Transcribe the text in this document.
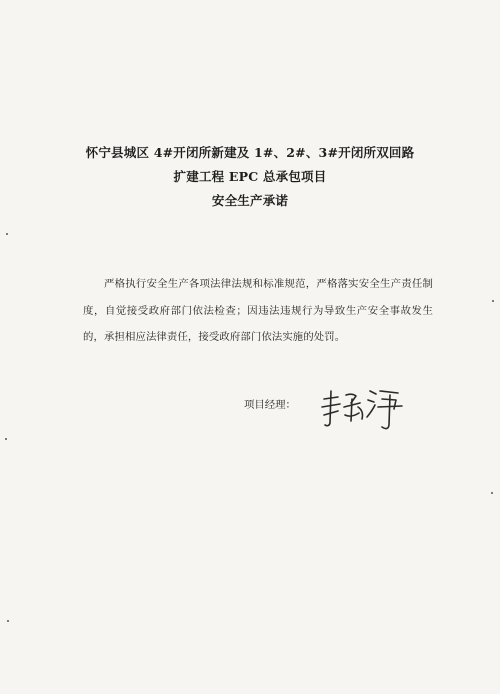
怀宁县城区 4#开闭所新建及 1#、2#、3#开闭所双回路
扩建工程 EPC 总承包项目
安全生产承诺
严格执行安全生产各项法律法规和标准规范，严格落实安全生产责任制度，自觉接受政府部门依法检查；因违法违规行为导致生产安全事故发生的，承担相应法律责任，接受政府部门依法实施的处罚。
项目经理：
